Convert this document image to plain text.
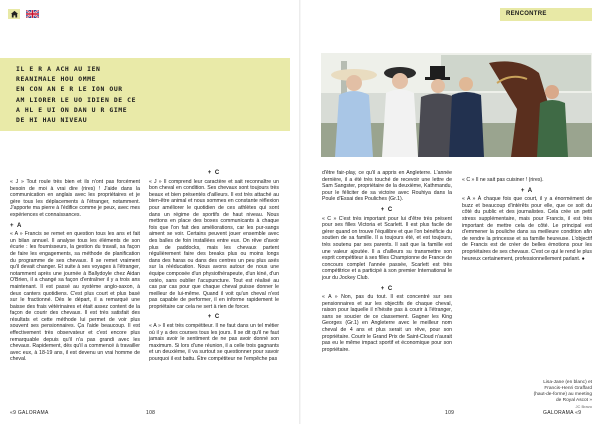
RENCONTRE
IL E R A ACH AU IEN
REANIMALE HOU OMME
EN CON AN E R LE ION OUR
AM LIORER LE UO IDIEN DE CE
A HL E UI ON DAN U R GIME
DE HI HAU NIVEAU

« J » Tout roule très bien et ils n'ont pas forcément besoin de moi à vrai dire (rires) ! J'aide dans la communication en anglais avec les propriétaires et je gère tous les déplacements à l'étranger, notamment. J'apporte ma pierre à l'édifice comme je peux, avec mes expériences et connaissances.

+ A

« A » Francis se remet en question tous les ans et fait un bilan annuel. Il analyse tous les éléments de son écurie : les fournisseurs, la gestion du travail, sa façon de faire les engagements, sa méthode de planification du programme de ses chevaux. Il se remet vraiment qu'il devait changer. Et suite à ses voyages à l'étranger, notamment après une journée à Ballydoyle chez Aidan O'Brien, il a changé sa façon d'entraîner il y a trois ans maintenant. Il est passé au système anglo-saxon, à deux canters quotidiens. C'est plus court et plus basé sur le fractionné. Dès le départ, il a remarqué une baisse des frais vétérinaires et était assez content de la façon de courir des chevaux. Il est très satisfait des résultats et cette méthode lui permet de voir plus souvent ses pensionnaires. Ça l'aide beaucoup. Il est effectivement très observateur et c'est encore plus remarquable depuis qu'il n'a pas grandi avec les chevaux. Rapidement, dès qu'il a commencé à travailler avec eux, à 18-19 ans, il est devenu un vrai homme de cheval.

+ C

« J » Il comprend leur caractère et sait reconnaître un bon cheval en condition. Ses chevaux sont toujours très beaux et bien présentés d'ailleurs. Il est très attaché au bien-être animal et nous sommes en constante réflexion pour améliorer le quotidien de ces athlètes qui sont dans un régime de sportifs de haut niveau. Nous mettons en place des boxes communicants à chaque fois que l'on fait des améliorations, car les pur-sangs aiment se voir. Certains peuvent jouer ensemble avec des balles de foin installées entre eux. On rêve d'avoir plus de paddocks, mais les chevaux partent régulièrement faire des breaks plus ou moins longs dans des haras ou dans des centres un peu plus axés sur la rééducation. Nous avons autour de nous une équipe composée d'un physiothérapeute, d'un kiné, d'un ostéo, sans oublier l'acupuncture. Tout est réalisé au cas par cas pour que chaque cheval puisse donner le meilleur de lui-même. Quand il voit qu'un cheval n'est pas capable de performer, il en informe rapidement le propriétaire car cela ne sert à rien de forcer.

+ C

« A » Il est très compétiteur. Il ne faut dans un tel métier où il y a des courses tous les jours. Il se dit qu'il ne faut jamais avoir le sentiment de ne pas avoir donné son maximum. Si lors d'une réunion, il a celle trois gagnants et un deuxième, il va surtout se questionner pour savoir pourquoi il est battu. Être compétiteur ne l'empêche pas

d'être fair-play, ce qu'il a appris en Angleterre. L'année dernière, il a été très touché de recevoir une lettre de Sam Sangster, propriétaire de la deuxième, Kathmandu, pour le féliciter de sa victoire avec Rouhiya dans la Poule d'Essai des Pouliches (Gr.1).

+ C

« C » C'est très important pour lui d'être très présent pour ses filles Victoria et Scarlett. Il est plus facile de gérer quand on trouve l'équilibre et que l'on bénéficie du soutien de sa famille. Il a toujours été, et est toujours, très soutenu par ses parents. Il sait que la famille est une valeur ajoutée. Il a d'ailleurs su transmettre son esprit compétiteur à ses filles Championne de France de concours complet l'année passée, Scarlett est très compétitrice et a participé à son premier International le jour du Jockey Club.

+ C

« A » Non, pas du tout. Il est concentré sur ses pensionnaires et sur les objectifs de chaque cheval, raison pour laquelle il n'hésite pas à courir à l'étranger, sans se soucier de ce classement. Gagner les King Georges (Gr.1) en Angleterre avec le meilleur nom cheval de 4 ans et plus serait un rêve, pour son propriétaire. Courir le Grand Prix de Saint-Cloud n'aurait pas eu le même impact sportif et économique pour son propriétaire.

« C » Il ne sait pas cuisiner ! (rires).

+ A

« A » À chaque fois que court, il y a énormément de buzz et beaucoup d'intérêts pour elle, que ce soit du côté du public et des journalistes. Cela crée un petit stress supplémentaire, mais pour Francis, il est très important de mettre cela de côté. Le principal est d'emmener la pouliche dans sa meilleure condition afin de rendre la princesse et sa famille heureuse. L'objectif de Francis est de créer de belles émotions pour les propriétaires de ses chevaux. C'est ce qui le rend le plus heureux certainement, professionnellement parlant. ●

Lisa-Jane (en blanc) et Francis-Henri Graffard (haut-de-forme) au meeting de Royal Ascot »
JC Bravo
«9 GALORAMA	108	109	GALORAMA «9
